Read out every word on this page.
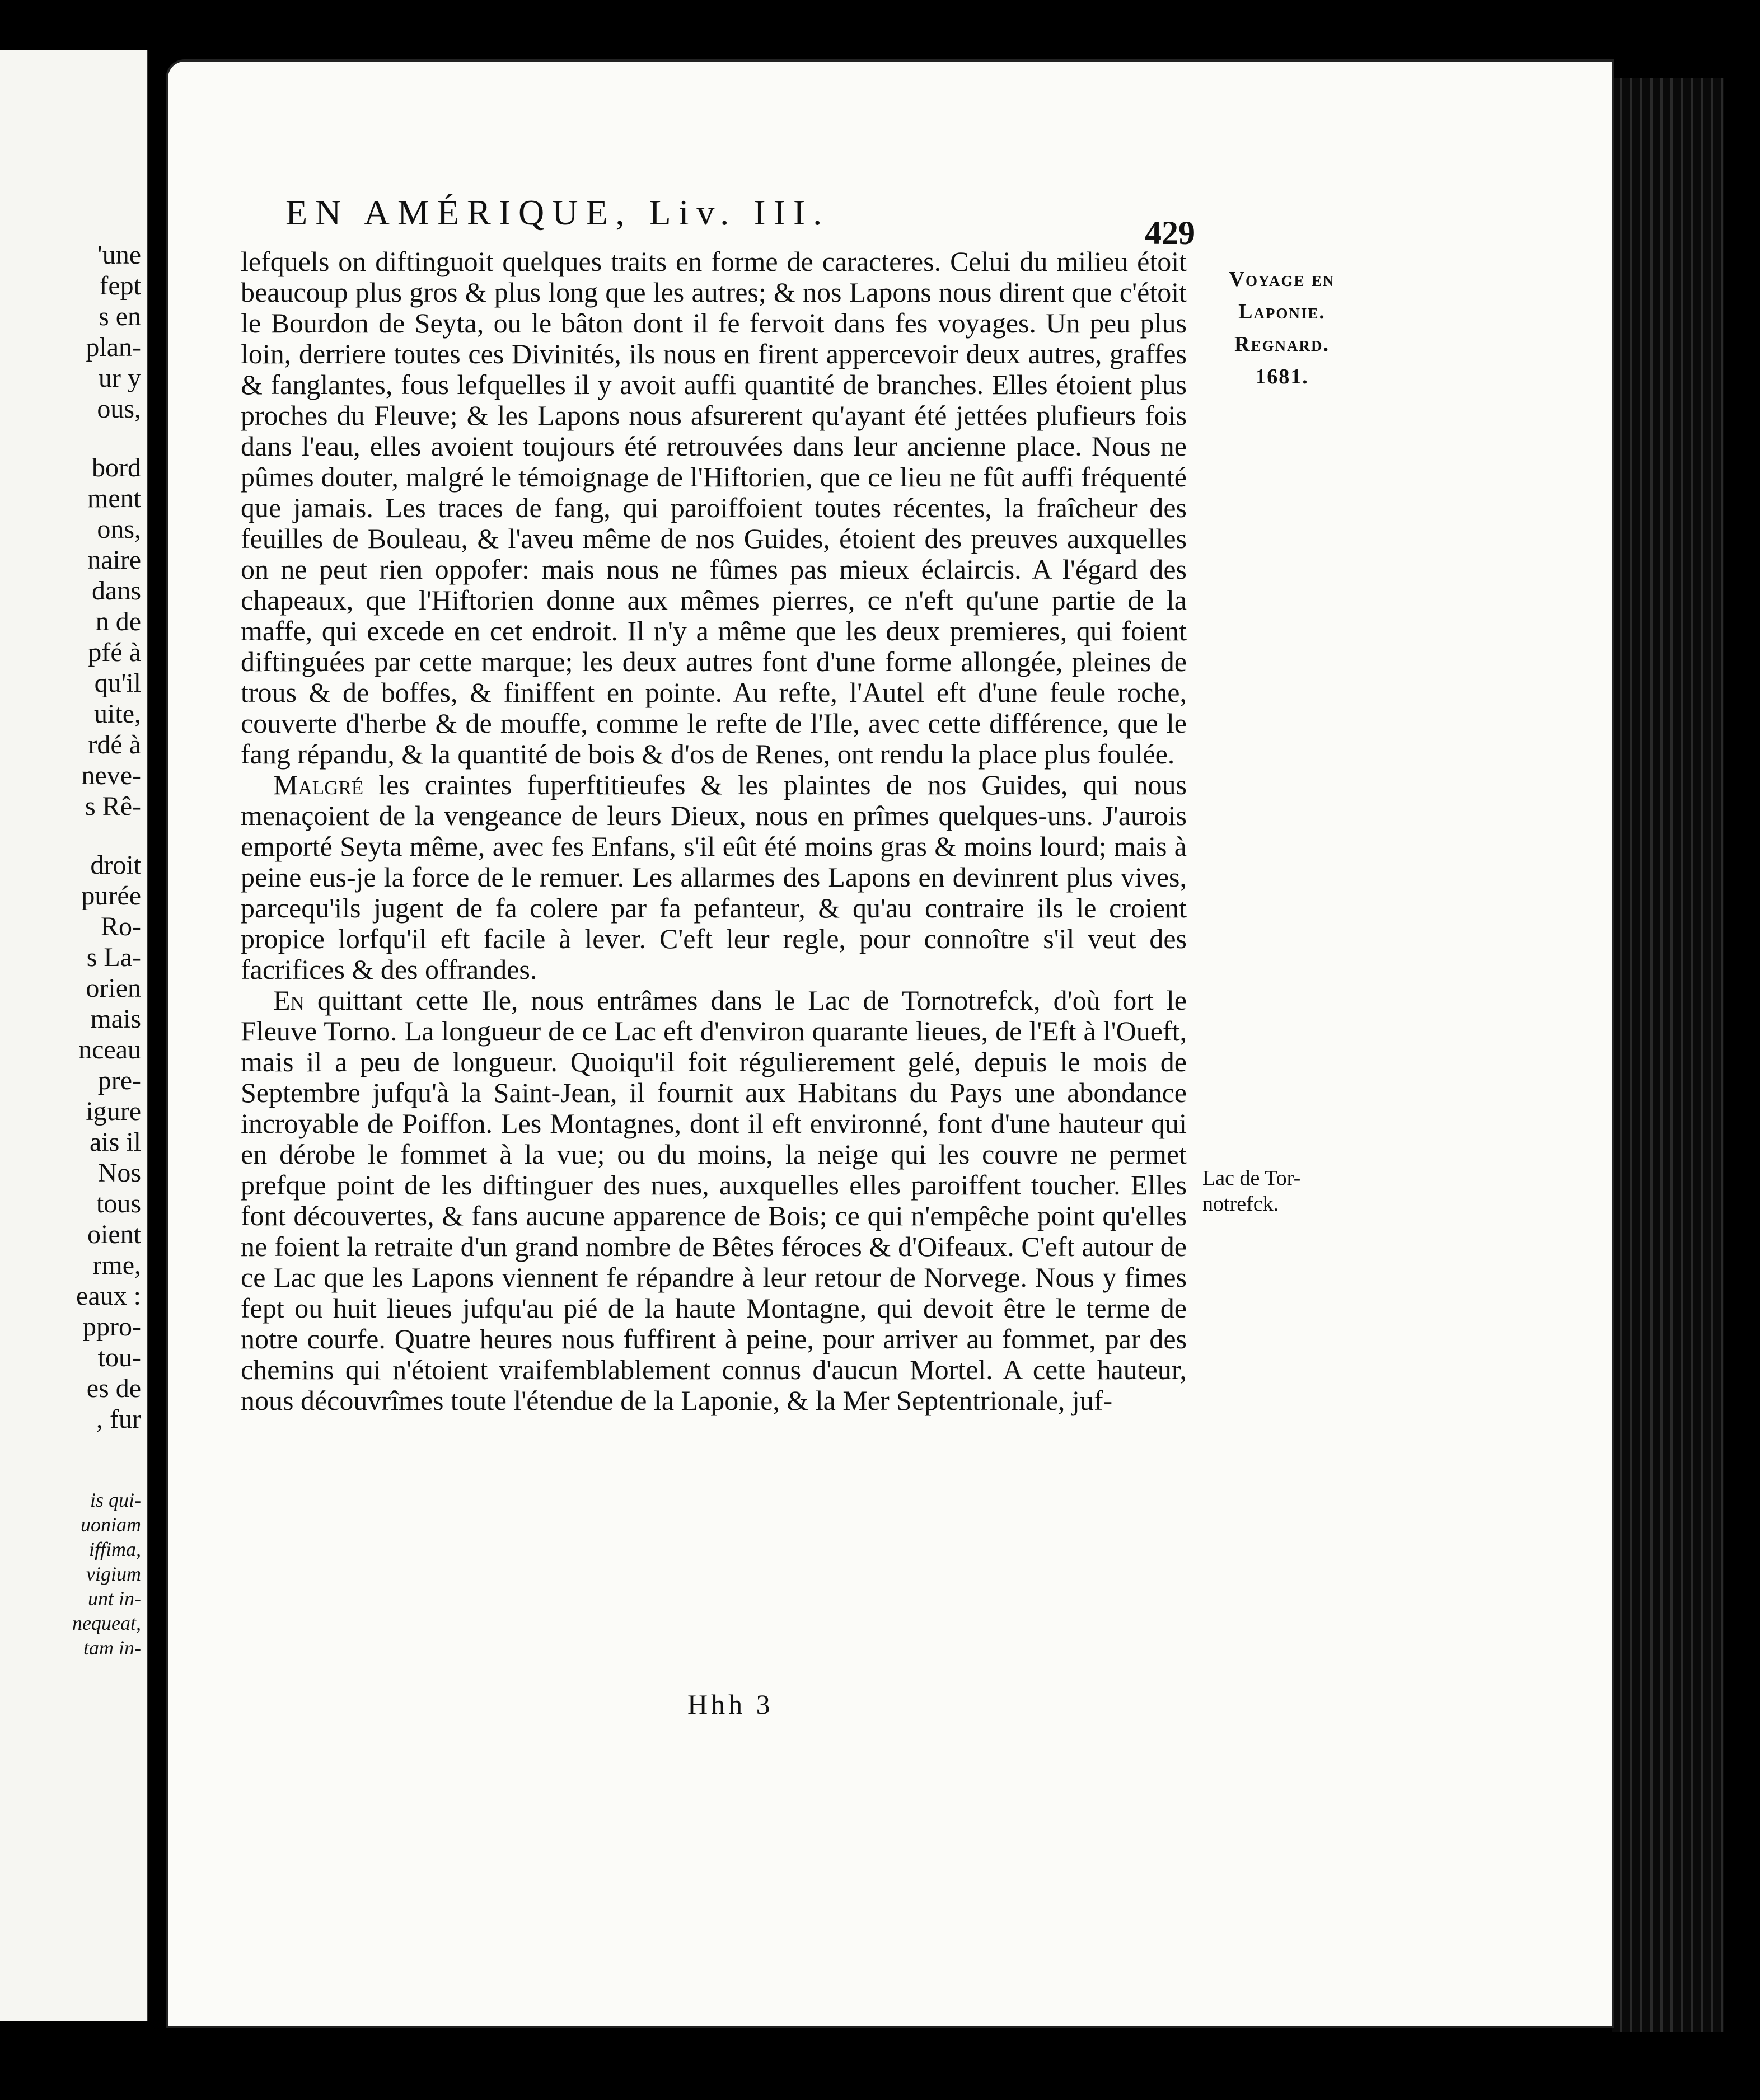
'une
fept
s en
plan-
ur y
ous,
bord
ment
ons,
naire
dans
n de
pfé à
qu'il
uite,
rdé à
neve-
s Rê-
droit
purée
Ro-
s La-
orien
mais
nceau
pre-
igure
ais il
Nos
tous
oient
rme,
eaux :
ppro-
tou-
es de
, fur
is qui-
uoniam
iffima,
vigium
unt in-
nequeat,
tam in-
EN AMÉRIQUE, Liv. III.
429
Voyage en
Laponie.
Regnard.
1681.
Lac de Tor-
notrefck.

lefquels on diftinguoit quelques traits en forme de caracteres. Celui du milieu étoit beaucoup plus gros & plus long que les autres; & nos Lapons nous dirent que c'étoit le Bourdon de Seyta, ou le bâton dont il fe fervoit dans fes voyages. Un peu plus loin, derriere toutes ces Divinités, ils nous en firent appercevoir deux autres, graffes & fanglantes, fous lefquelles il y avoit auffi quantité de branches. Elles étoient plus proches du Fleuve; & les Lapons nous afsurerent qu'ayant été jettées plufieurs fois dans l'eau, elles avoient toujours été retrouvées dans leur ancienne place. Nous ne pûmes douter, malgré le témoignage de l'Hiftorien, que ce lieu ne fût auffi fréquenté que jamais. Les traces de fang, qui paroiffoient toutes récentes, la fraîcheur des feuilles de Bouleau, & l'aveu même de nos Guides, étoient des preuves auxquelles on ne peut rien oppofer: mais nous ne fûmes pas mieux éclaircis. A l'égard des chapeaux, que l'Hiftorien donne aux mêmes pierres, ce n'eft qu'une partie de la maffe, qui excede en cet endroit. Il n'y a même que les deux premieres, qui foient diftinguées par cette marque; les deux autres font d'une forme allongée, pleines de trous & de boffes, & finiffent en pointe. Au refte, l'Autel eft d'une feule roche, couverte d'herbe & de mouffe, comme le refte de l'Ile, avec cette différence, que le fang répandu, & la quantité de bois & d'os de Renes, ont rendu la place plus foulée.

Malgré les craintes fuperftitieufes & les plaintes de nos Guides, qui nous menaçoient de la vengeance de leurs Dieux, nous en prîmes quelques-uns. J'aurois emporté Seyta même, avec fes Enfans, s'il eût été moins gras & moins lourd; mais à peine eus-je la force de le remuer. Les allarmes des Lapons en devinrent plus vives, parcequ'ils jugent de fa colere par fa pefanteur, & qu'au contraire ils le croient propice lorfqu'il eft facile à lever. C'eft leur regle, pour connoître s'il veut des facrifices & des offrandes.

En quittant cette Ile, nous entrâmes dans le Lac de Tornotrefck, d'où fort le Fleuve Torno. La longueur de ce Lac eft d'environ quarante lieues, de l'Eft à l'Oueft, mais il a peu de longueur. Quoiqu'il foit régulierement gelé, depuis le mois de Septembre jufqu'à la Saint-Jean, il fournit aux Habitans du Pays une abondance incroyable de Poiffon. Les Montagnes, dont il eft environné, font d'une hauteur qui en dérobe le fommet à la vue; ou du moins, la neige qui les couvre ne permet prefque point de les diftinguer des nues, auxquelles elles paroiffent toucher. Elles font découvertes, & fans aucune apparence de Bois; ce qui n'empêche point qu'elles ne foient la retraite d'un grand nombre de Bêtes féroces & d'Oifeaux. C'eft autour de ce Lac que les Lapons viennent fe répandre à leur retour de Norvege. Nous y fimes fept ou huit lieues jufqu'au pié de la haute Montagne, qui devoit être le terme de notre courfe. Quatre heures nous fuffirent à peine, pour arriver au fommet, par des chemins qui n'étoient vraifemblablement connus d'aucun Mortel. A cette hauteur, nous découvrîmes toute l'étendue de la Laponie, & la Mer Septentrionale, juf-

Hhh 3
